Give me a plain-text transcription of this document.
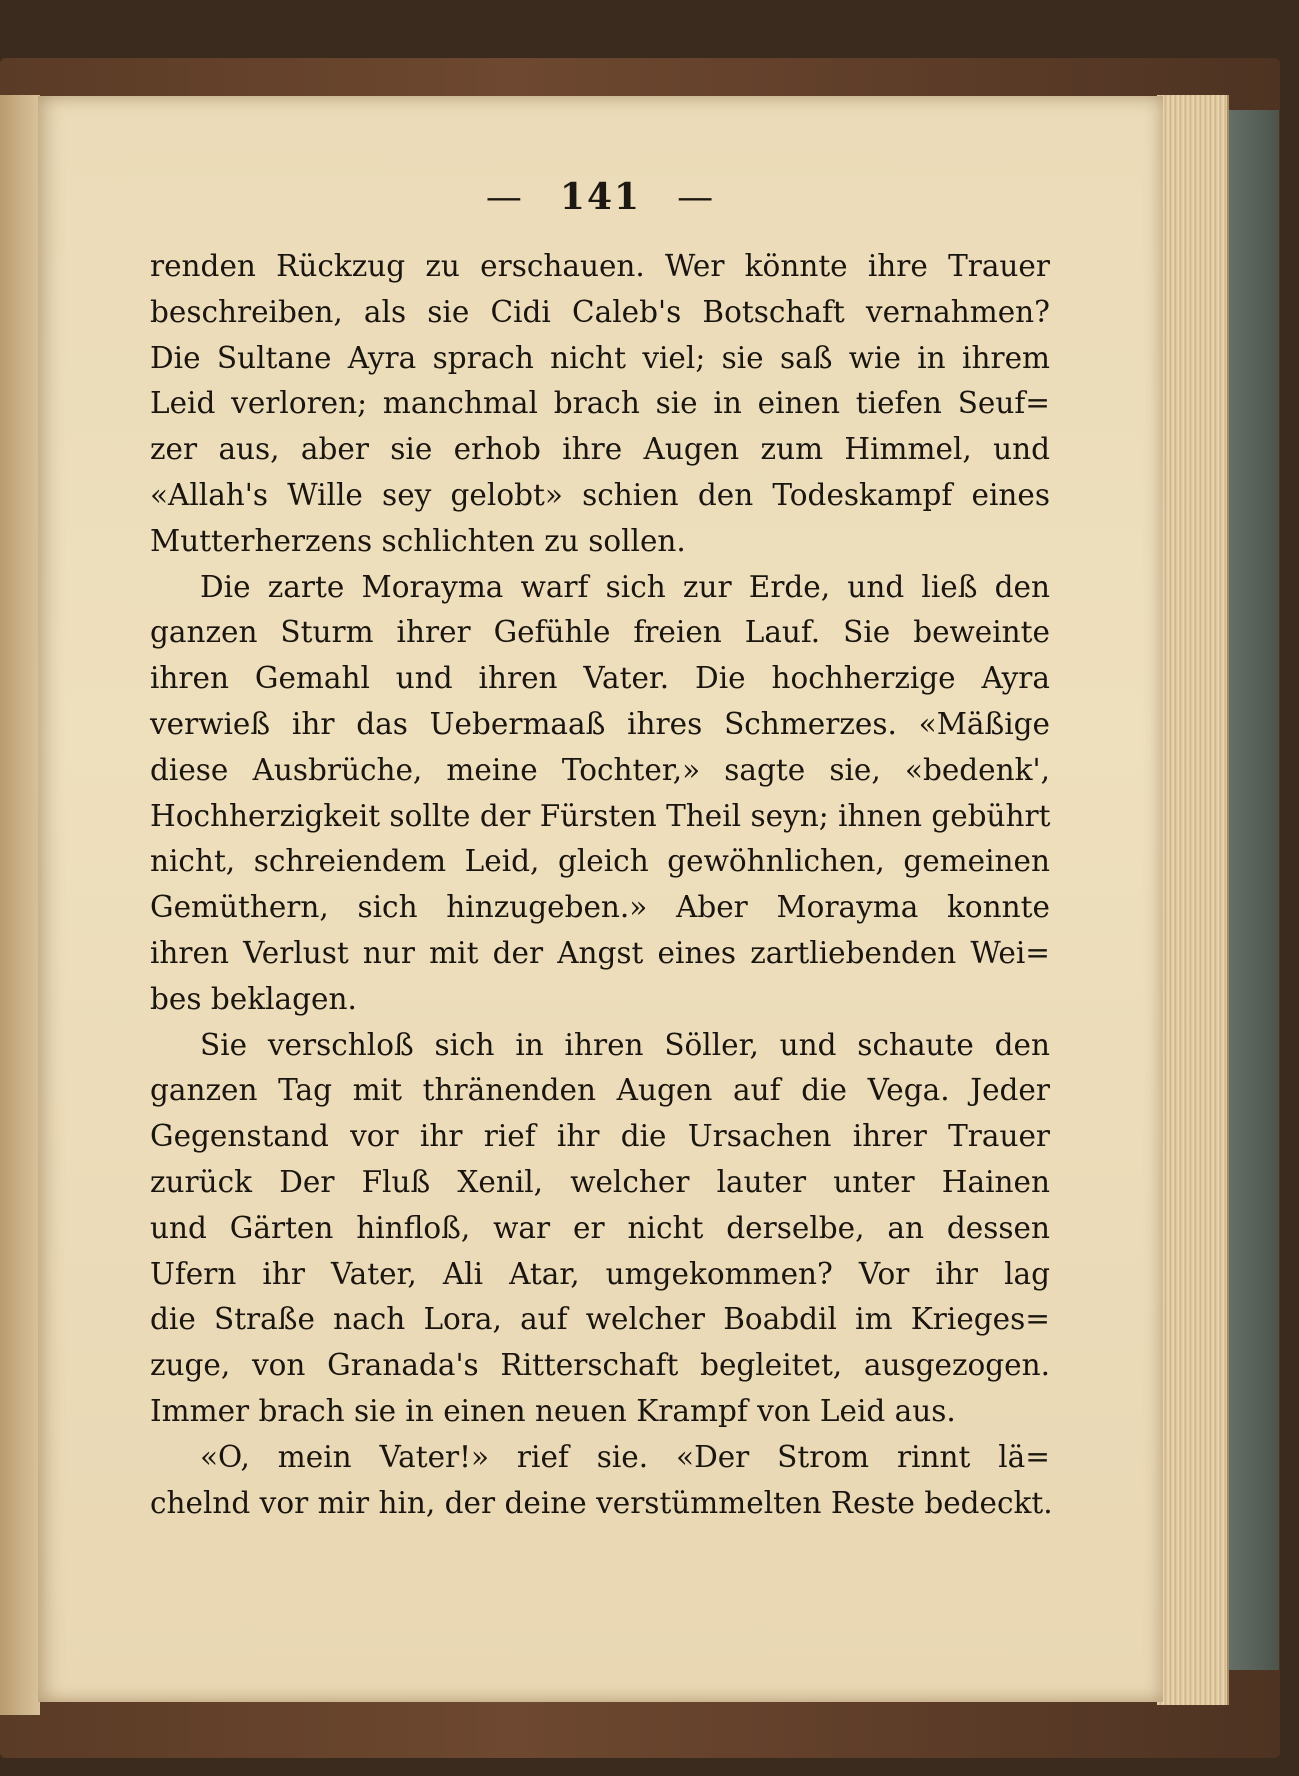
— 141 —
renden Rückzug zu erschauen. Wer könnte ihre Trauer
beschreiben, als sie Cidi Caleb's Botschaft vernahmen?
Die Sultane Ayra sprach nicht viel; sie saß wie in ihrem
Leid verloren; manchmal brach sie in einen tiefen Seuf=
zer aus, aber sie erhob ihre Augen zum Himmel, und
«Allah's Wille sey gelobt» schien den Todeskampf eines
Mutterherzens schlichten zu sollen.
Die zarte Morayma warf sich zur Erde, und ließ den
ganzen Sturm ihrer Gefühle freien Lauf. Sie beweinte
ihren Gemahl und ihren Vater. Die hochherzige Ayra
verwieß ihr das Uebermaaß ihres Schmerzes. «Mäßige
diese Ausbrüche, meine Tochter,» sagte sie, «bedenk',
Hochherzigkeit sollte der Fürsten Theil seyn; ihnen gebührt
nicht, schreiendem Leid, gleich gewöhnlichen, gemeinen
Gemüthern, sich hinzugeben.» Aber Morayma konnte
ihren Verlust nur mit der Angst eines zartliebenden Wei=
bes beklagen.
Sie verschloß sich in ihren Söller, und schaute den
ganzen Tag mit thränenden Augen auf die Vega. Jeder
Gegenstand vor ihr rief ihr die Ursachen ihrer Trauer
zurück Der Fluß Xenil, welcher lauter unter Hainen
und Gärten hinfloß, war er nicht derselbe, an dessen
Ufern ihr Vater, Ali Atar, umgekommen? Vor ihr lag
die Straße nach Lora, auf welcher Boabdil im Krieges=
zuge, von Granada's Ritterschaft begleitet, ausgezogen.
Immer brach sie in einen neuen Krampf von Leid aus.
«O, mein Vater!» rief sie. «Der Strom rinnt lä=
chelnd vor mir hin, der deine verstümmelten Reste bedeckt.
